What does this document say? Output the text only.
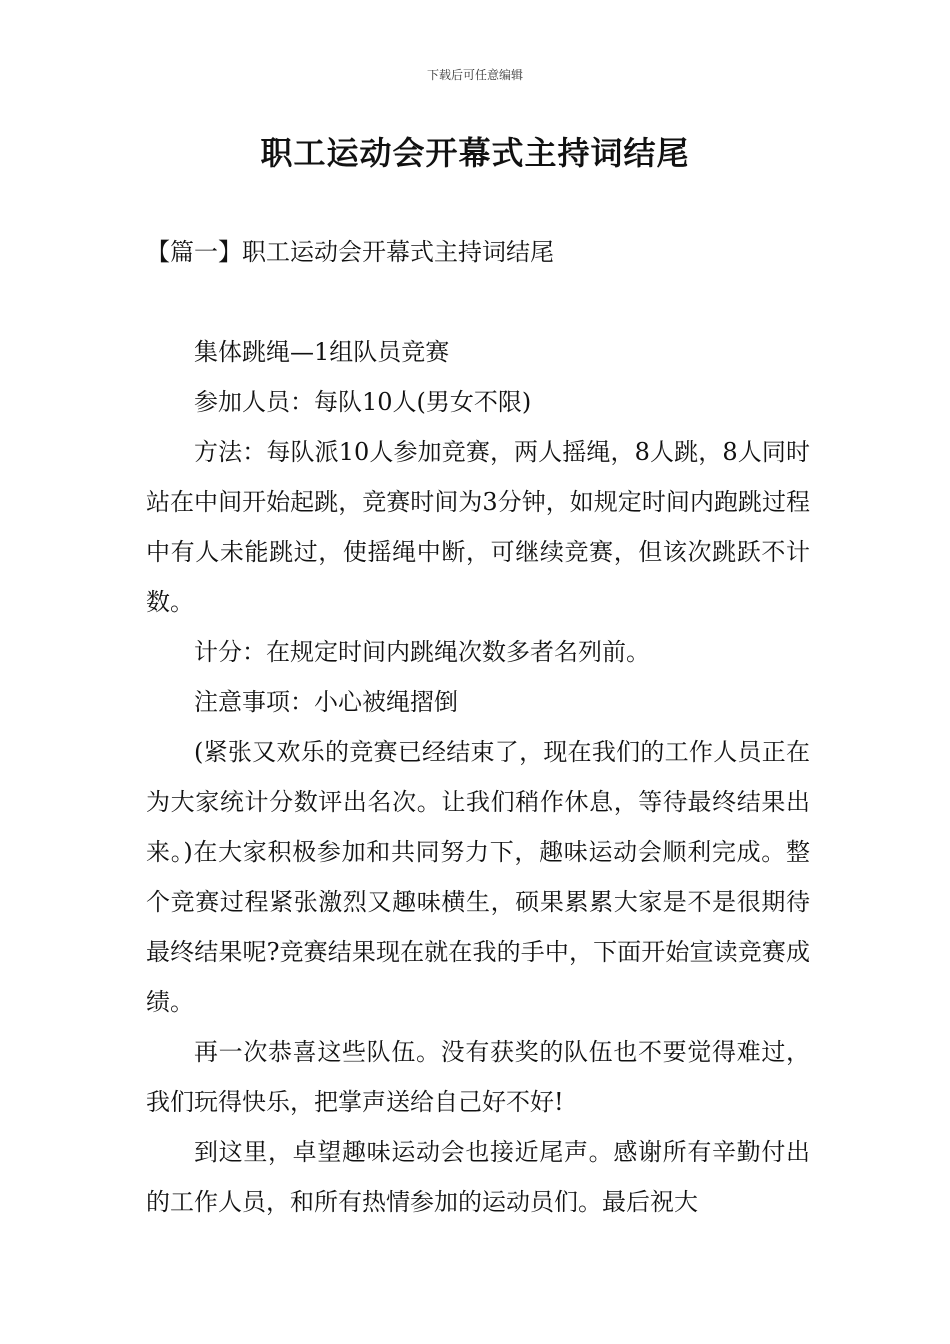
下载后可任意编辑
职工运动会开幕式主持词结尾
【篇一】职工运动会开幕式主持词结尾

集体跳绳—1组队员竞赛

参加人员：每队10人(男女不限)

方法：每队派10人参加竞赛，两人摇绳，8人跳，8人同时站在中间开始起跳，竞赛时间为3分钟，如规定时间内跑跳过程中有人未能跳过，使摇绳中断，可继续竞赛，但该次跳跃不计数。

计分：在规定时间内跳绳次数多者名列前。

注意事项：小心被绳摺倒

(紧张又欢乐的竞赛已经结束了，现在我们的工作人员正在为大家统计分数评出名次。让我们稍作休息，等待最终结果出来。)在大家积极参加和共同努力下，趣味运动会顺利完成。整个竞赛过程紧张激烈又趣味横生，硕果累累大家是不是很期待最终结果呢?竞赛结果现在就在我的手中，下面开始宣读竞赛成绩。

再一次恭喜这些队伍。没有获奖的队伍也不要觉得难过，我们玩得快乐，把掌声送给自己好不好!

到这里，卓望趣味运动会也接近尾声。感谢所有辛勤付出的工作人员，和所有热情参加的运动员们。最后祝大
